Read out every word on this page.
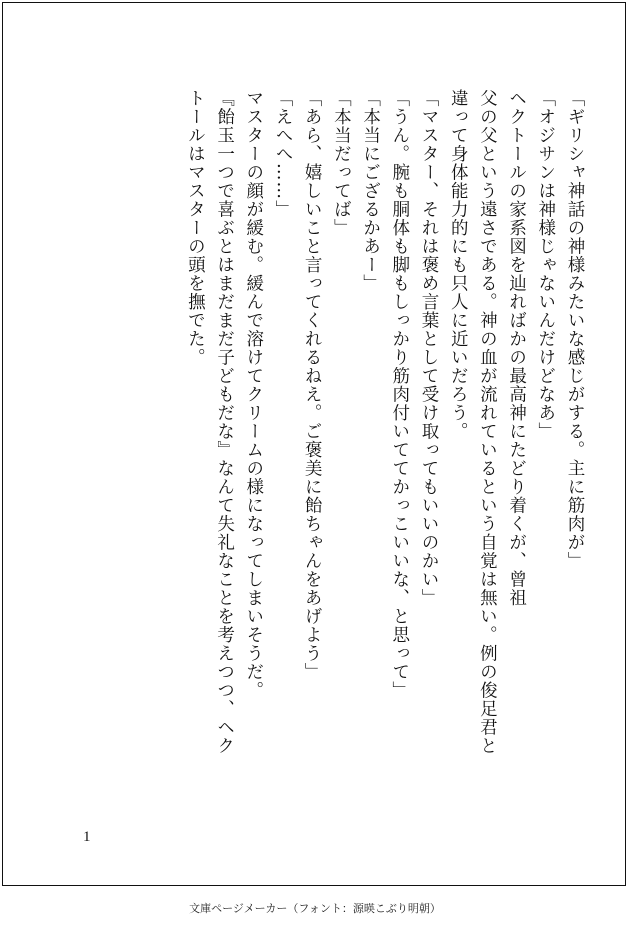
「ギリシャ神話の神様みたいな感じがする。主に筋肉が」
「オジサンは神様じゃないんだけどなあ」
ヘクトールの家系図を辿ればかの最高神にたどり着くが、曾祖
父の父という遠さである。神の血が流れているという自覚は無い。例の俊足君と
違って身体能力的にも只人に近いだろう。
「マスター、それは褒め言葉として受け取ってもいいのかい」
「うん。腕も胴体も脚もしっかり筋肉付いててかっこいいな、と思って」
「本当にござるかあー」
「本当だってば」
「あら、嬉しいこと言ってくれるねえ。ご褒美に飴ちゃんをあげよう」
「えへへ……」
マスターの顔が緩む。緩んで溶けてクリームの様になってしまいそうだ。
『飴玉一つで喜ぶとはまだまだ子どもだな』なんて失礼なことを考えつつ、ヘク
トールはマスターの頭を撫でた。
1
文庫ページメーカー（フォント：源暎こぶり明朝）
